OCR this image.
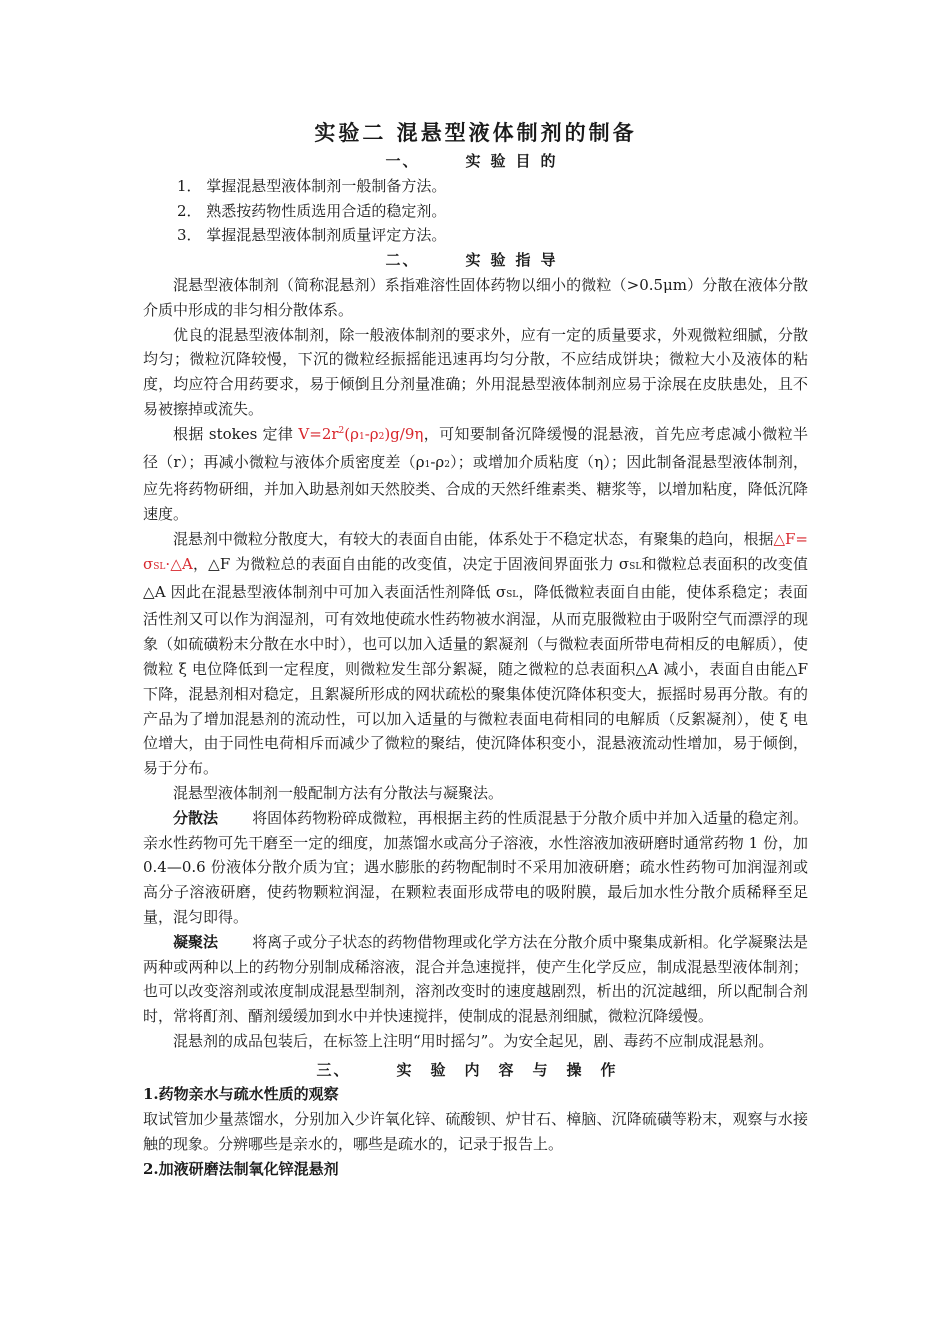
实验二 混悬型液体制剂的制备
一、	实验目的

1． 掌握混悬型液体制剂一般制备方法。

2． 熟悉按药物性质选用合适的稳定剂。

3． 掌握混悬型液体制剂质量评定方法。

二、	实验指导

混悬型液体制剂（简称混悬剂）系指难溶性固体药物以细小的微粒（>0.5μm）分散在液体分散介质中形成的非匀相分散体系。

优良的混悬型液体制剂，除一般液体制剂的要求外，应有一定的质量要求，外观微粒细腻，分散均匀；微粒沉降较慢，下沉的微粒经振摇能迅速再均匀分散，不应结成饼块；微粒大小及液体的粘度，均应符合用药要求，易于倾倒且分剂量准确；外用混悬型液体制剂应易于涂展在皮肤患处，且不易被擦掉或流失。

根据 stokes 定律 $V=2r^2(\rho 1-\rho 2)g/9\eta$，可知要制备沉降缓慢的混悬液，首先应考虑减小微粒半径（r）；再减小微粒与液体介质密度差（ρ1-ρ2）；或增加介质粘度（η）；因此制备混悬型液体制剂，应先将药物研细，并加入助悬剂如天然胶类、合成的天然纤维素类、糖浆等，以增加粘度，降低沉降速度。

混悬剂中微粒分散度大，有较大的表面自由能，体系处于不稳定状态，有聚集的趋向，根据△F= σSL·△A，△F 为微粒总的表面自由能的改变值，决定于固液间界面张力 σSL和微粒总表面积的改变值△A 因此在混悬型液体制剂中可加入表面活性剂降低 σSL，降低微粒表面自由能，使体系稳定；表面活性剂又可以作为润湿剂，可有效地使疏水性药物被水润湿，从而克服微粒由于吸附空气而漂浮的现象（如硫磺粉末分散在水中时），也可以加入适量的絮凝剂（与微粒表面所带电荷相反的电解质），使微粒 ξ 电位降低到一定程度，则微粒发生部分絮凝，随之微粒的总表面积△A 减小，表面自由能△F 下降，混悬剂相对稳定，且絮凝所形成的网状疏松的聚集体使沉降体积变大，振摇时易再分散。有的产品为了增加混悬剂的流动性，可以加入适量的与微粒表面电荷相同的电解质（反絮凝剂），使 ξ 电位增大，由于同性电荷相斥而减少了微粒的聚结，使沉降体积变小，混悬液流动性增加，易于倾倒，易于分布。

混悬型液体制剂一般配制方法有分散法与凝聚法。

分散法 将固体药物粉碎成微粒，再根据主药的性质混悬于分散介质中并加入适量的稳定剂。亲水性药物可先干磨至一定的细度，加蒸馏水或高分子溶液，水性溶液加液研磨时通常药物 1 份，加 0.4—0.6 份液体分散介质为宜；遇水膨胀的药物配制时不采用加液研磨；疏水性药物可加润湿剂或高分子溶液研磨，使药物颗粒润湿，在颗粒表面形成带电的吸附膜，最后加水性分散介质稀释至足量，混匀即得。

凝聚法 将离子或分子状态的药物借物理或化学方法在分散介质中聚集成新相。化学凝聚法是两种或两种以上的药物分别制成稀溶液，混合并急速搅拌，使产生化学反应，制成混悬型液体制剂；也可以改变溶剂或浓度制成混悬型制剂，溶剂改变时的速度越剧烈，析出的沉淀越细，所以配制合剂时，常将酊剂、醑剂缓缓加到水中并快速搅拌，使制成的混悬剂细腻，微粒沉降缓慢。

混悬剂的成品包装后，在标签上注明“用时摇匀”。为安全起见，剧、毒药不应制成混悬剂。

三、	实验内容与操作

1.药物亲水与疏水性质的观察

取试管加少量蒸馏水，分别加入少许氧化锌、硫酸钡、炉甘石、樟脑、沉降硫磺等粉末，观察与水接触的现象。分辨哪些是亲水的，哪些是疏水的，记录于报告上。

2.加液研磨法制氧化锌混悬剂
